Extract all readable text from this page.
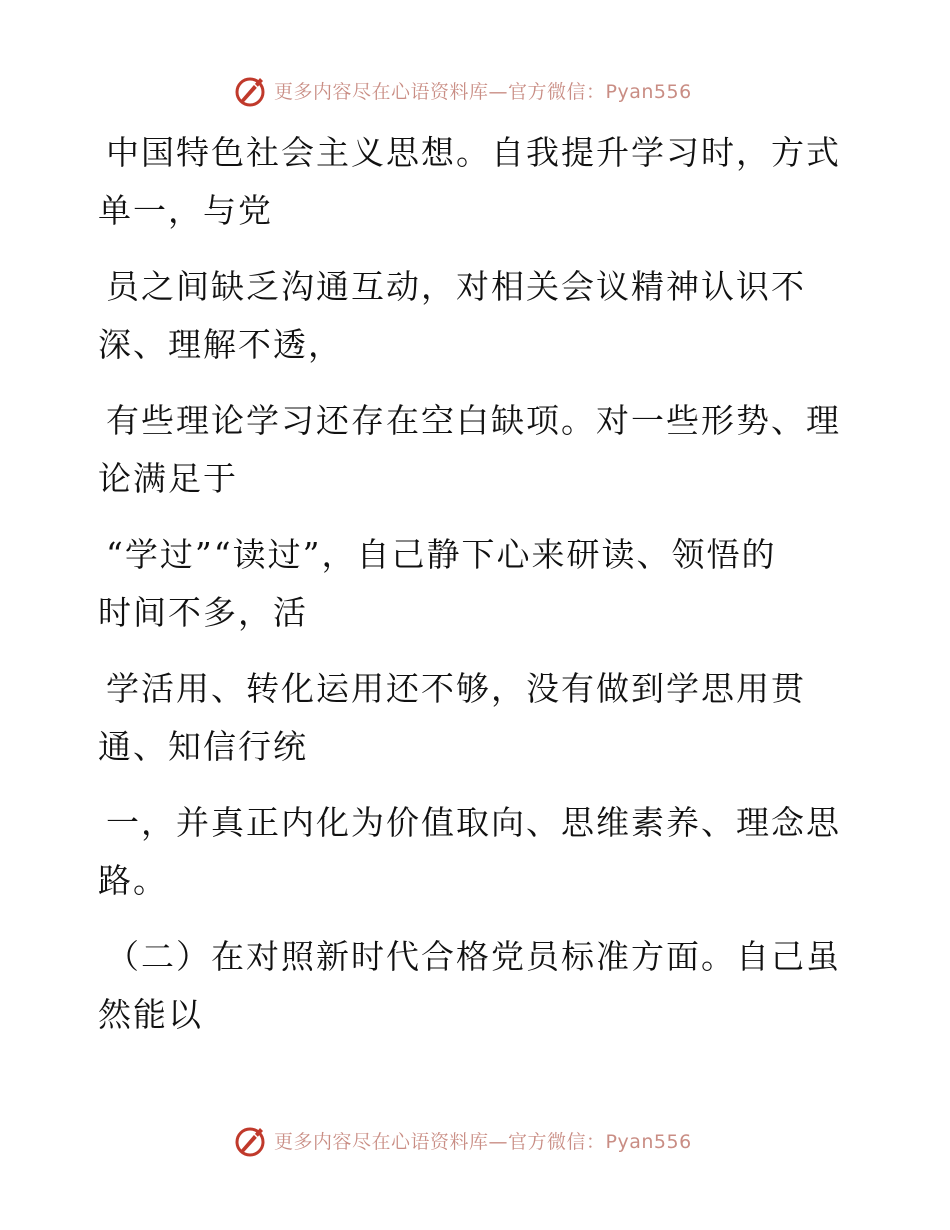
更多内容尽在心语资料库—官方微信：Pyan556
中国特色社会主义思想。自我提升学习时，方式
单一，与党
员之间缺乏沟通互动，对相关会议精神认识不
深、理解不透，
有些理论学习还存在空白缺项。对一些形势、理
论满足于
“学过”“读过”，自己静下心来研读、领悟的
时间不多，活
学活用、转化运用还不够，没有做到学思用贯
通、知信行统
一，并真正内化为价值取向、思维素养、理念思
路。
（二）在对照新时代合格党员标准方面。自己虽
然能以
更多内容尽在心语资料库—官方微信：Pyan556
